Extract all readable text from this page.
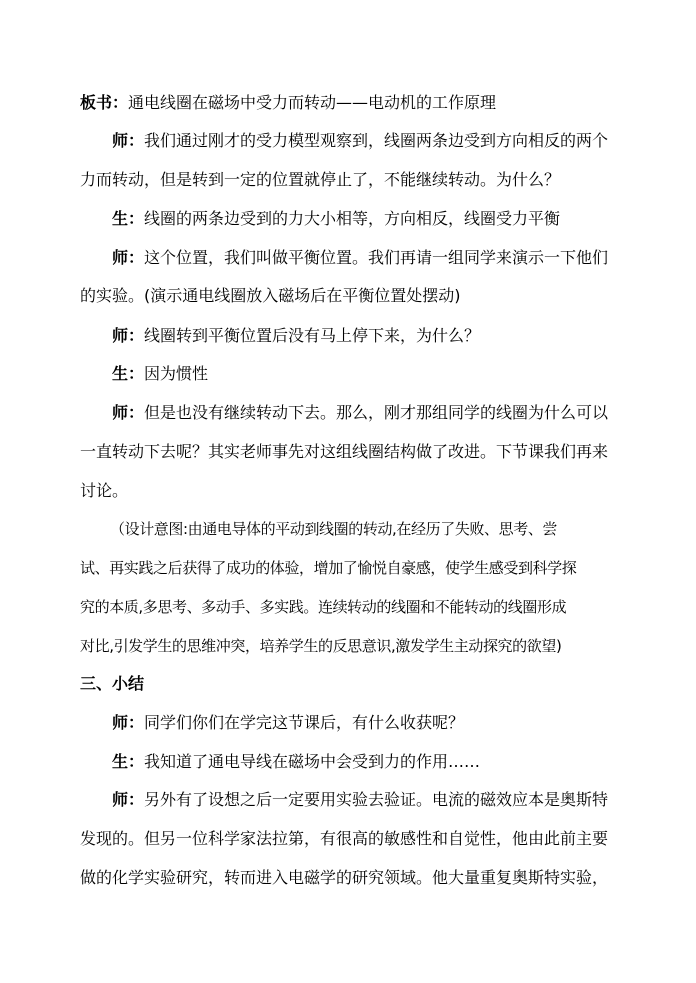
板书：通电线圈在磁场中受力而转动——电动机的工作原理
师：我们通过刚才的受力模型观察到，线圈两条边受到方向相反的两个
力而转动，但是转到一定的位置就停止了，不能继续转动。为什么？
生：线圈的两条边受到的力大小相等，方向相反，线圈受力平衡
师：这个位置，我们叫做平衡位置。我们再请一组同学来演示一下他们
的实验。(演示通电线圈放入磁场后在平衡位置处摆动)
师：线圈转到平衡位置后没有马上停下来，为什么？
生：因为惯性
师：但是也没有继续转动下去。那么，刚才那组同学的线圈为什么可以
一直转动下去呢？其实老师事先对这组线圈结构做了改进。下节课我们再来
讨论。
（设计意图:由通电导体的平动到线圈的转动,在经历了失败、思考、尝
试、再实践之后获得了成功的体验，增加了愉悦自豪感，使学生感受到科学探
究的本质,多思考、多动手、多实践。连续转动的线圈和不能转动的线圈形成
对比,引发学生的思维冲突，培养学生的反思意识,激发学生主动探究的欲望)
三、小结
师：同学们你们在学完这节课后，有什么收获呢？
生：我知道了通电导线在磁场中会受到力的作用……
师：另外有了设想之后一定要用实验去验证。电流的磁效应本是奥斯特
发现的。但另一位科学家法拉第，有很高的敏感性和自觉性，他由此前主要
做的化学实验研究，转而进入电磁学的研究领域。他大量重复奥斯特实验，
